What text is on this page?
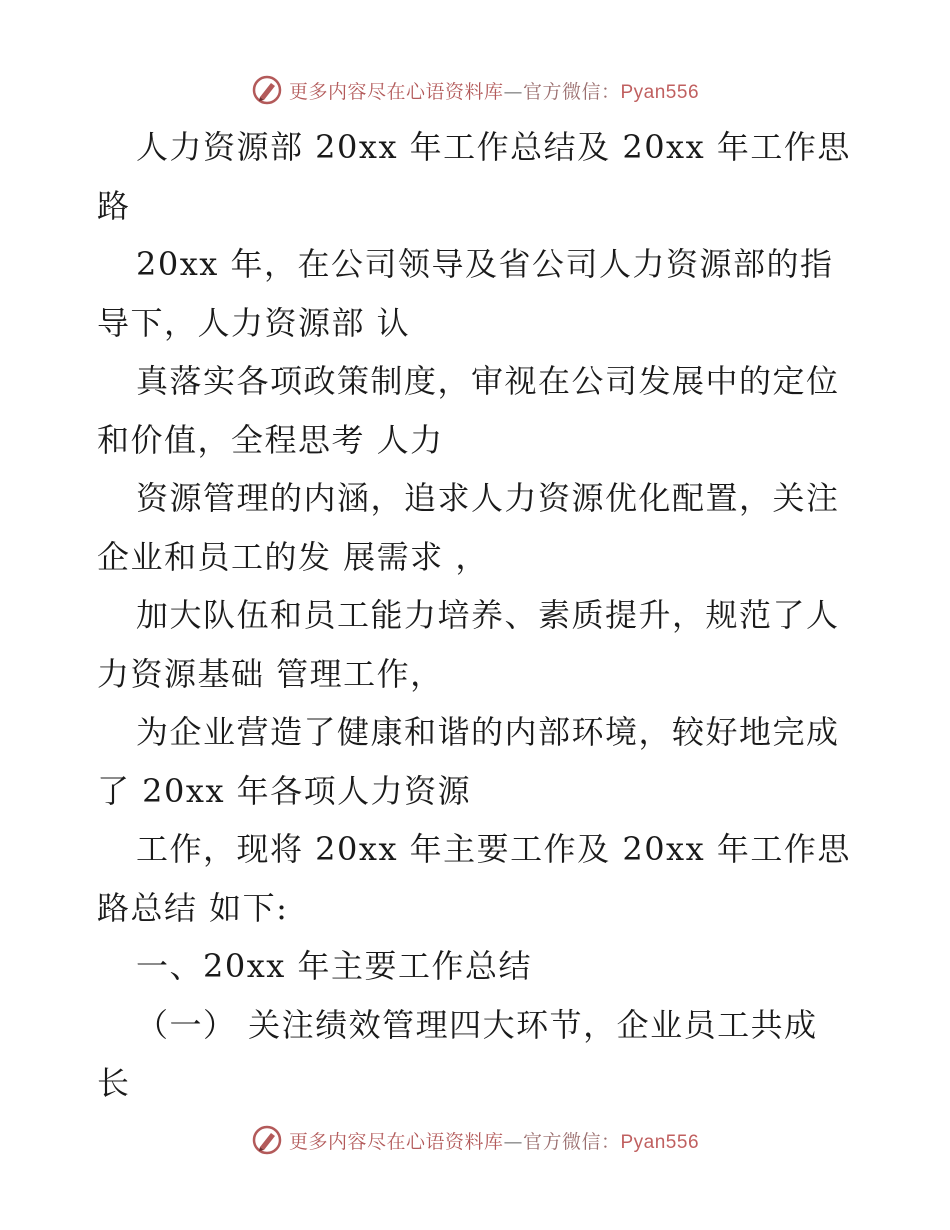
更多内容尽在心语资料库—官方微信：Pyan556
人力资源部 20xx 年工作总结及 20xx 年工作思
路
20xx 年，在公司领导及省公司人力资源部的指
导下，人力资源部 认
真落实各项政策制度，审视在公司发展中的定位
和价值，全程思考 人力
资源管理的内涵，追求人力资源优化配置，关注
企业和员工的发 展需求 ，
加大队伍和员工能力培养、素质提升，规范了人
力资源基础 管理工作，
为企业营造了健康和谐的内部环境，较好地完成
了 20xx 年各项人力资源
工作，现将 20xx 年主要工作及 20xx 年工作思
路总结 如下:
一、20xx 年主要工作总结
（一） 关注绩效管理四大环节，企业员工共成
长
更多内容尽在心语资料库—官方微信：Pyan556
